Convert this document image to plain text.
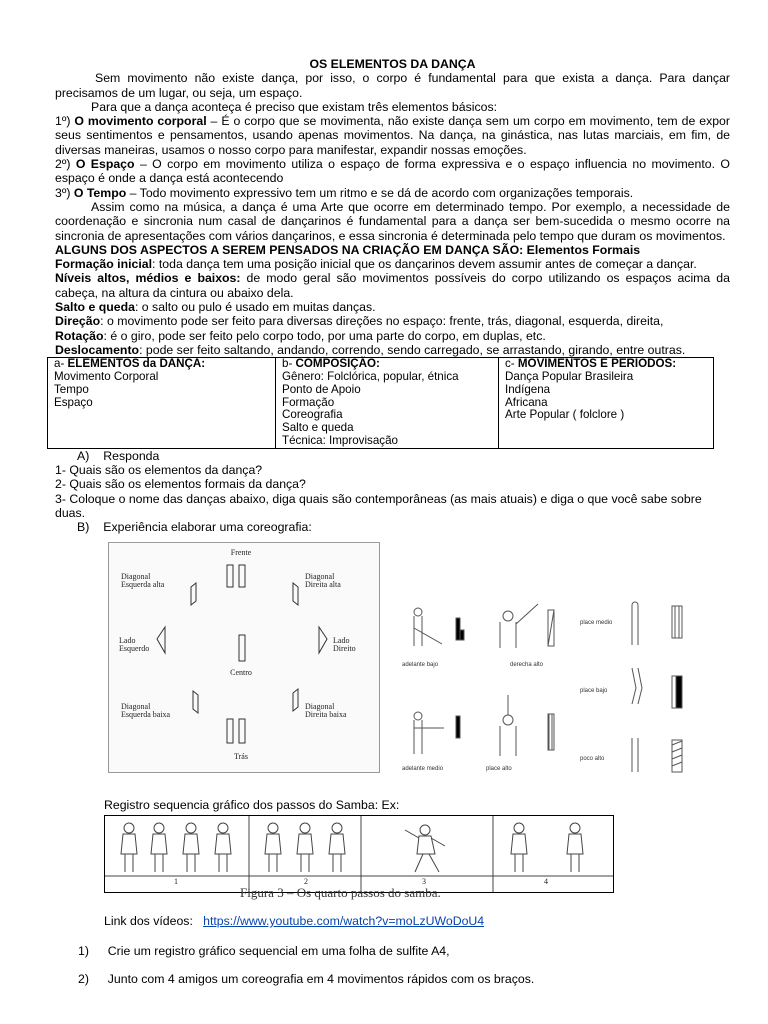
OS ELEMENTOS DA DANÇA

Sem movimento não existe dança, por isso, o corpo é fundamental para que exista a dança. Para dançar precisamos de um lugar, ou seja, um espaço.

Para que a dança aconteça é preciso que existam três elementos básicos:

1º) O movimento corporal – É o corpo que se movimenta, não existe dança sem um corpo em movimento, tem de expor seus sentimentos e pensamentos, usando apenas movimentos. Na dança, na ginástica, nas lutas marciais, em fim, de diversas maneiras, usamos o nosso corpo para manifestar, expandir nossas emoções.

2º) O Espaço – O corpo em movimento utiliza o espaço de forma expressiva e o espaço influencia no movimento. O espaço é onde a dança está acontecendo

3º) O Tempo – Todo movimento expressivo tem um ritmo e se dá de acordo com organizações temporais.

Assim como na música, a dança é uma Arte que ocorre em determinado tempo. Por exemplo, a necessidade de coordenação e sincronia num casal de dançarinos é fundamental para a dança ser bem-sucedida o mesmo ocorre na sincronia de apresentações com vários dançarinos, e essa sincronia é determinada pelo tempo que duram os movimentos.

ALGUNS DOS ASPECTOS A SEREM PENSADOS NA CRIAÇÃO EM DANÇA SÃO: Elementos Formais

Formação inicial: toda dança tem uma posição inicial que os dançarinos devem assumir antes de começar a dançar.

Níveis altos, médios e baixos: de modo geral são movimentos possíveis do corpo utilizando os espaços acima da cabeça, na altura da cintura ou abaixo dela.

Salto e queda: o salto ou pulo é usado em muitas danças.

Direção: o movimento pode ser feito para diversas direções no espaço: frente, trás, diagonal, esquerda, direita,

Rotação: é o giro, pode ser feito pelo corpo todo, por uma parte do corpo, em duplas, etc.

Deslocamento: pode ser feito saltando, andando, correndo, sendo carregado, se arrastando, girando, entre outras.

a- ELEMENTOS da DANÇA:
Movimento Corporal
Tempo
Espaço

b- COMPOSIÇÃO:
Gênero: Folclórica, popular, étnica
Ponto de Apoio
Formação
Coreografia
Salto e queda
Técnica: Improvisação

c- MOVIMENTOS E PERIODOS:
Dança Popular Brasileira
Indígena
Africana
Arte Popular ( folclore )
A) Responda

1- Quais são os elementos da dança?

2- Quais são os elementos formais da dança?

3- Coloque o nome das danças abaixo, diga quais são contemporâneas (as mais atuais) e diga o que você sabe sobre duas.

B) Experiência elaborar uma coreografia:
Frente
Diagonal
Esquerda alta
Diagonal
Direita alta
Lado
Esquerdo
Lado
Direito
Centro
Diagonal
Esquerda baixa
Diagonal
Direita baixa
Trás
adelante bajo	derecha alto
adelante medio	place alto
place medio
place bajo
poco alto
Registro sequencia gráfico dos passos do Samba: Ex:
1	2	3	4
Figura 3 – Os quarto passos do samba.
Link dos vídeos: https://www.youtube.com/watch?v=moLzUWoDoU4
1) Crie um registro gráfico sequencial em uma folha de sulfite A4,
2) Junto com 4 amigos um coreografia em 4 movimentos rápidos com os braços.
